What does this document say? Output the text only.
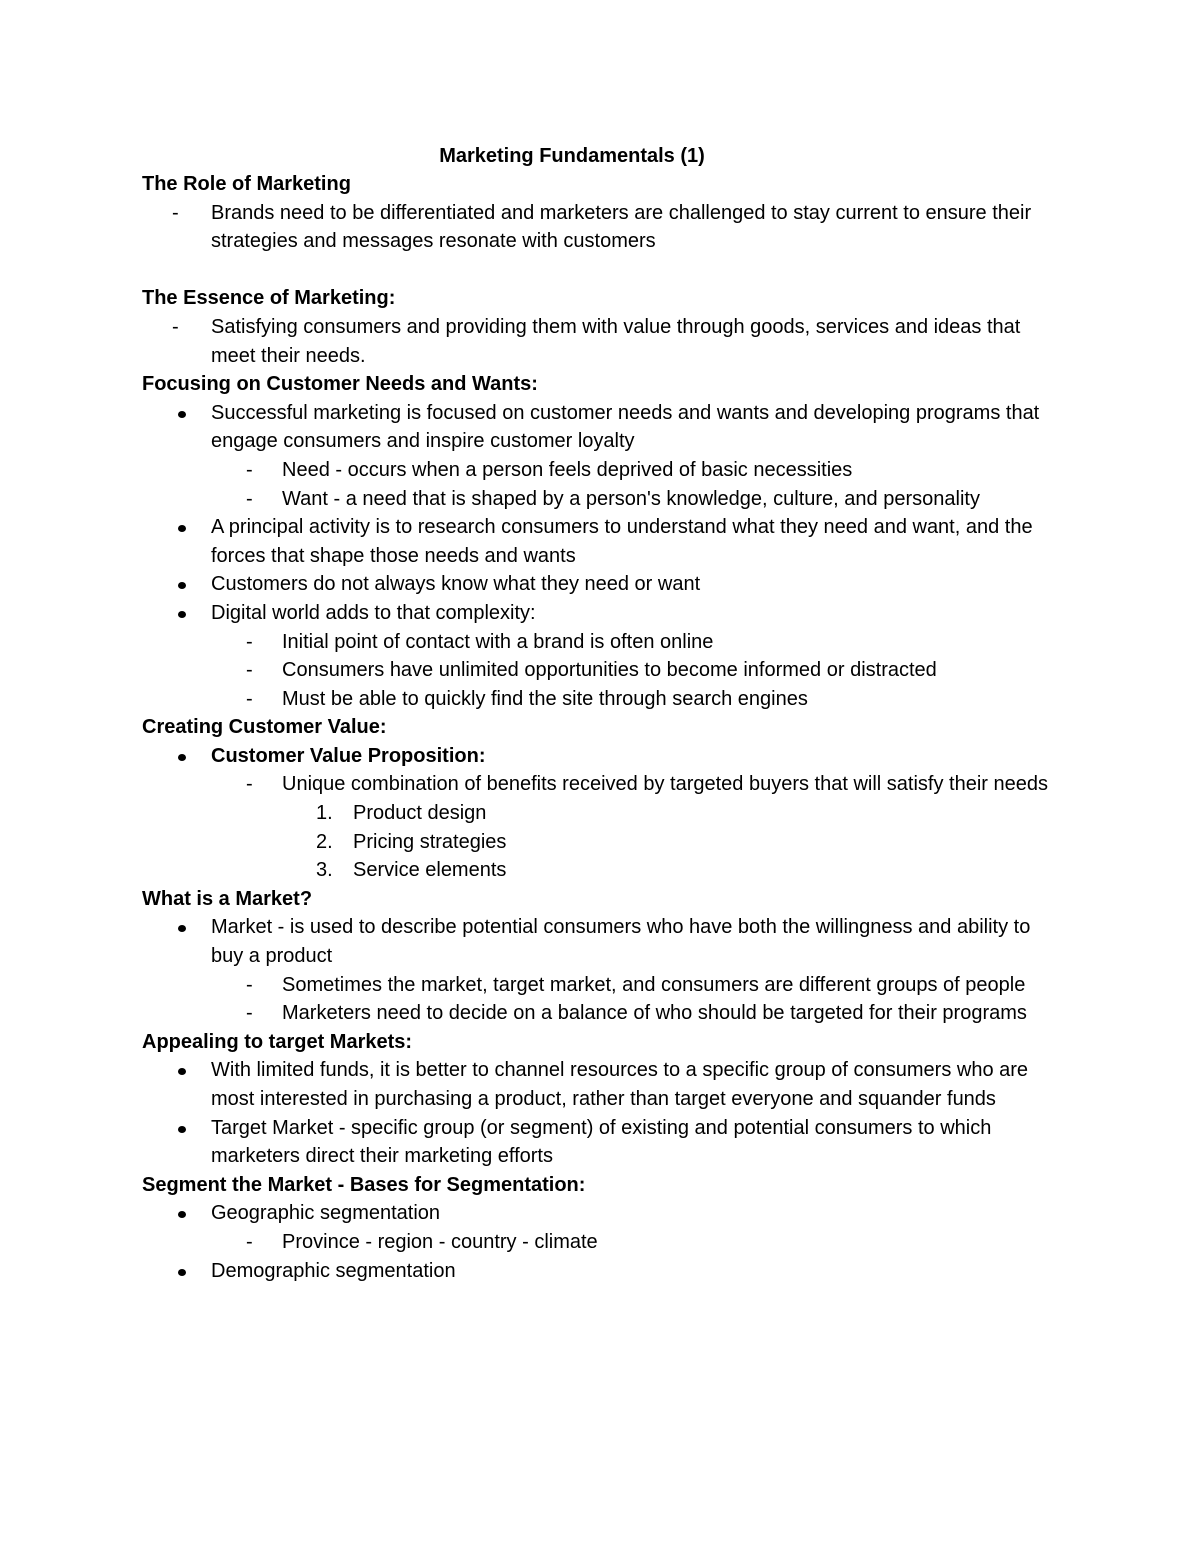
Marketing Fundamentals (1)
The Role of Marketing
- Brands need to be differentiated and marketers are challenged to stay current to ensure their strategies and messages resonate with customers
The Essence of Marketing:
- Satisfying consumers and providing them with value through goods, services and ideas that meet their needs.
Focusing on Customer Needs and Wants:
Successful marketing is focused on customer needs and wants and developing programs that engage consumers and inspire customer loyalty
- Need - occurs when a person feels deprived of basic necessities
- Want - a need that is shaped by a person's knowledge, culture, and personality
A principal activity is to research consumers to understand what they need and want, and the forces that shape those needs and wants
Customers do not always know what they need or want
Digital world adds to that complexity:
- Initial point of contact with a brand is often online
- Consumers have unlimited opportunities to become informed or distracted
- Must be able to quickly find the site through search engines
Creating Customer Value:
Customer Value Proposition:
- Unique combination of benefits received by targeted buyers that will satisfy their needs
1. Product design
2. Pricing strategies
3. Service elements
What is a Market?
Market - is used to describe potential consumers who have both the willingness and ability to buy a product
- Sometimes the market, target market, and consumers are different groups of people
- Marketers need to decide on a balance of who should be targeted for their programs
Appealing to target Markets:
With limited funds, it is better to channel resources to a specific group of consumers who are most interested in purchasing a product, rather than target everyone and squander funds
Target Market - specific group (or segment) of existing and potential consumers to which marketers direct their marketing efforts
Segment the Market - Bases for Segmentation:
Geographic segmentation
- Province - region - country - climate
Demographic segmentation
